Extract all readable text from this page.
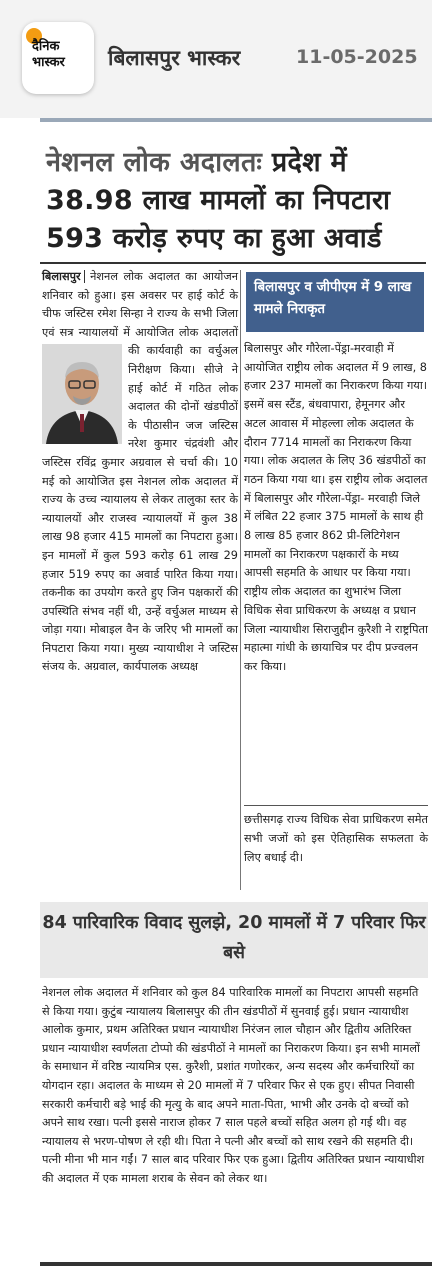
दैनिक
भास्कर बिलासपुर भास्कर	11-05-2025
नेशनल लोक अदालतः प्रदेश में 38.98 लाख मामलों का निपटारा 593 करोड़ रुपए का हुआ अवार्ड
बिलासपुर नेशनल लोक अदालत का आयोजन शनिवार को हुआ। इस अवसर पर हाई कोर्ट के चीफ जस्टिस रमेश सिन्हा ने राज्य के सभी जिला एवं सत्र न्यायालयों में आयोजित लोक अदालतों की कार्यवाही का वर्चुअल निरीक्षण किया। सीजे ने हाई कोर्ट में गठित लोक अदालत की दोनों खंडपीठों के पीठासीन जज जस्टिस नरेश कुमार चंद्रवंशी और जस्टिस रविंद्र कुमार अग्रवाल से चर्चा की। 10 मई को आयोजित इस नेशनल लोक अदालत में राज्य के उच्च न्यायालय से लेकर तालुका स्तर के न्यायालयों और राजस्व न्यायालयों में कुल 38 लाख 98 हजार 415 मामलों का निपटारा हुआ। इन मामलों में कुल 593 करोड़ 61 लाख 29 हजार 519 रुपए का अवार्ड पारित किया गया। तकनीक का उपयोग करते हुए जिन पक्षकारों की उपस्थिति संभव नहीं थी, उन्हें वर्चुअल माध्यम से जोड़ा गया। मोबाइल वैन के जरिए भी मामलों का निपटारा किया गया। मुख्य न्यायाधीश ने जस्टिस संजय के. अग्रवाल, कार्यपालक अध्यक्ष
बिलासपुर व जीपीएम में 9 लाख मामले निराकृत
बिलासपुर और गौरेला-पेंड्रा-मरवाही में आयोजित राष्ट्रीय लोक अदालत में 9 लाख, 8 हजार 237 मामलों का निराकरण किया गया। इसमें बस स्टैंड, बंधवापारा, हेमूनगर और अटल आवास में मोहल्ला लोक अदालत के दौरान 7714 मामलों का निराकरण किया गया। लोक अदालत के लिए 36 खंडपीठों का गठन किया गया था। इस राष्ट्रीय लोक अदालत में बिलासपुर और गौरेला-पेंड्रा- मरवाही जिले में लंबित 22 हजार 375 मामलों के साथ ही 8 लाख 85 हजार 862 प्री-लिटिगेशन मामलों का निराकरण पक्षकारों के मध्य आपसी सहमति के आधार पर किया गया। राष्ट्रीय लोक अदालत का शुभारंभ जिला विधिक सेवा प्राधिकरण के अध्यक्ष व प्रधान जिला न्यायाधीश सिराजुद्दीन कुरैशी ने राष्ट्रपिता महात्मा गांधी के छायाचित्र पर दीप प्रज्वलन कर किया।
छत्तीसगढ़ राज्य विधिक सेवा प्राधिकरण समेत सभी जजों को इस ऐतिहासिक सफलता के लिए बधाई दी।
84 पारिवारिक विवाद सुलझे, 20 मामलों में 7 परिवार फिर बसे
नेशनल लोक अदालत में शनिवार को कुल 84 पारिवारिक मामलों का निपटारा आपसी सहमति से किया गया। कुटुंब न्यायालय बिलासपुर की तीन खंडपीठों में सुनवाई हुई। प्रधान न्यायाधीश आलोक कुमार, प्रथम अतिरिक्त प्रधान न्यायाधीश निरंजन लाल चौहान और द्वितीय अतिरिक्त प्रधान न्यायाधीश स्वर्णलता टोप्पो की खंडपीठों ने मामलों का निराकरण किया। इन सभी मामलों के समाधान में वरिष्ठ न्यायमित्र एस. कुरैशी, प्रशांत गणोरकर, अन्य सदस्य और कर्मचारियों का योगदान रहा। अदालत के माध्यम से 20 मामलों में 7 परिवार फिर से एक हुए। सीपत निवासी सरकारी कर्मचारी बड़े भाई की मृत्यु के बाद अपने माता-पिता, भाभी और उनके दो बच्चों को अपने साथ रखा। पत्नी इससे नाराज होकर 7 साल पहले बच्चों सहित अलग हो गई थी। वह न्यायालय से भरण-पोषण ले रही थी। पिता ने पत्नी और बच्चों को साथ रखने की सहमति दी। पत्नी मीना भी मान गईं। 7 साल बाद परिवार फिर एक हुआ। द्वितीय अतिरिक्त प्रधान न्यायाधीश की अदालत में एक मामला शराब के सेवन को लेकर था।
